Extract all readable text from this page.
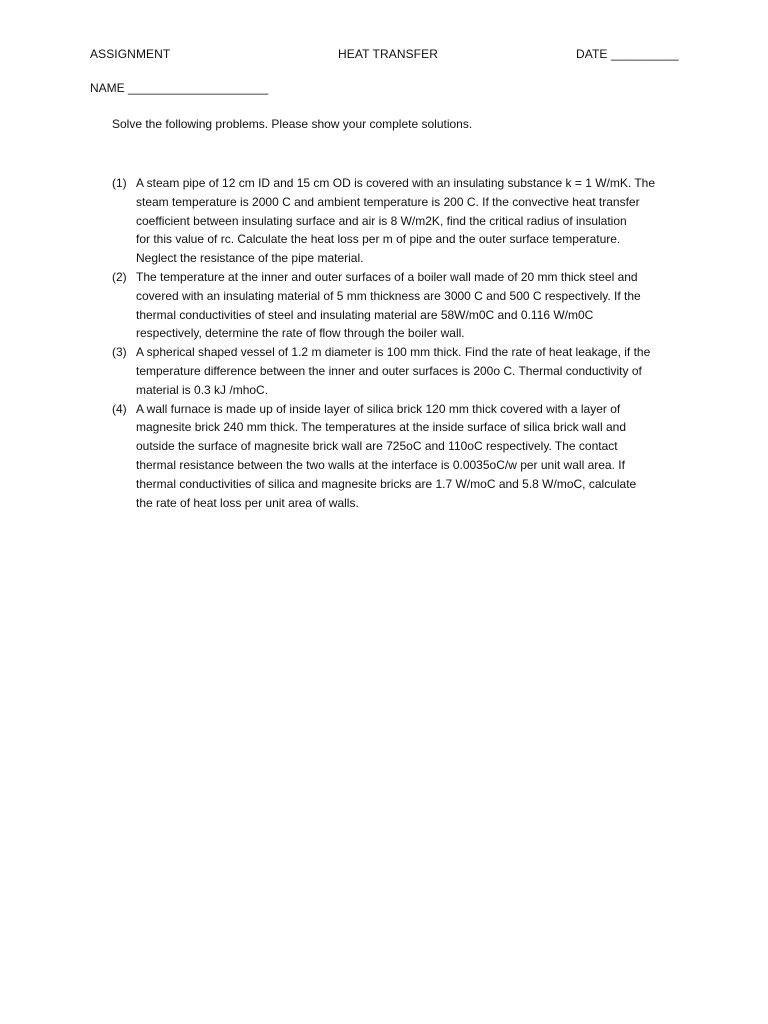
ASSIGNMENT	HEAT TRANSFER	DATE __________
NAME _____________________
Solve the following problems. Please show your complete solutions.
(1) A steam pipe of 12 cm ID and 15 cm OD is covered with an insulating substance k = 1 W/mK. The
steam temperature is 2000 C and ambient temperature is 200 C. If the convective heat transfer
coefficient between insulating surface and air is 8 W/m2K, find the critical radius of insulation
for this value of rc. Calculate the heat loss per m of pipe and the outer surface temperature.
Neglect the resistance of the pipe material.
(2) The temperature at the inner and outer surfaces of a boiler wall made of 20 mm thick steel and
covered with an insulating material of 5 mm thickness are 3000 C and 500 C respectively. If the
thermal conductivities of steel and insulating material are 58W/m0C and 0.116 W/m0C
respectively, determine the rate of flow through the boiler wall.
(3) A spherical shaped vessel of 1.2 m diameter is 100 mm thick. Find the rate of heat leakage, if the
temperature difference between the inner and outer surfaces is 200o C. Thermal conductivity of
material is 0.3 kJ /mhoC.
(4) A wall furnace is made up of inside layer of silica brick 120 mm thick covered with a layer of
magnesite brick 240 mm thick. The temperatures at the inside surface of silica brick wall and
outside the surface of magnesite brick wall are 725oC and 110oC respectively. The contact
thermal resistance between the two walls at the interface is 0.0035oC/w per unit wall area. If
thermal conductivities of silica and magnesite bricks are 1.7 W/moC and 5.8 W/moC, calculate
the rate of heat loss per unit area of walls.
